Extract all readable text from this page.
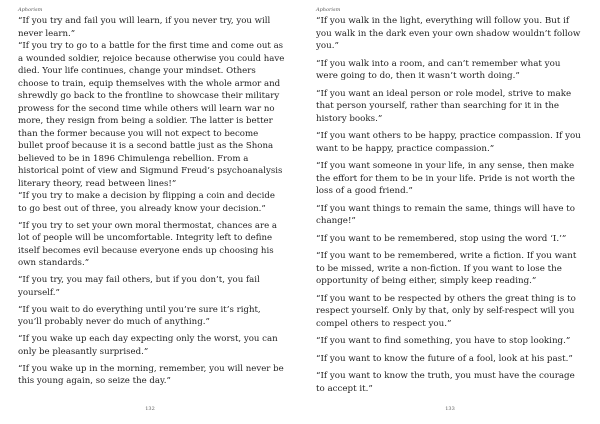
Aphorism

“If you try and fail you will learn, if you never try, you will never learn.”

“If you try to go to a battle for the first time and come out as a wounded soldier, rejoice because otherwise you could have died. Your life continues, change your mindset. Others choose to train, equip themselves with the whole armor and shrewdly go back to the frontline to showcase their military prowess for the second time while others will learn war no more, they resign from being a soldier. The latter is better than the former because you will not expect to become bullet proof because it is a second battle just as the Shona believed to be in 1896 Chimulenga rebellion. From a historical point of view and Sigmund Freud’s psychoanalysis literary theory, read between lines!”

“If you try to make a decision by flipping a coin and decide to go best out of three, you already know your decision.”

“If you try to set your own moral thermostat, chances are a lot of people will be uncomfortable. Integrity left to define itself becomes evil because everyone ends up choosing his own standards.”

“If you try, you may fail others, but if you don’t, you fail yourself.”

“If you wait to do everything until you’re sure it’s right, you’ll probably never do much of anything.”

“If you wake up each day expecting only the worst, you can only be pleasantly surprised.”

“If you wake up in the morning, remember, you will never be this young again, so seize the day.”

132
Aphorism

“If you walk in the light, everything will follow you. But if you walk in the dark even your own shadow wouldn’t follow you.”

“If you walk into a room, and can’t remember what you were going to do, then it wasn’t worth doing.”

“If you want an ideal person or role model, strive to make that person yourself, rather than searching for it in the history books.”

“If you want others to be happy, practice compassion. If you want to be happy, practice compassion.”

“If you want someone in your life, in any sense, then make the effort for them to be in your life. Pride is not worth the loss of a good friend.”

“If you want things to remain the same, things will have to change!”

“If you want to be remembered, stop using the word ‘I.’”

“If you want to be remembered, write a fiction. If you want to be missed, write a non-fiction. If you want to lose the opportunity of being either, simply keep reading.”

“If you want to be respected by others the great thing is to respect yourself. Only by that, only by self-respect will you compel others to respect you.”

“If you want to find something, you have to stop looking.”

“If you want to know the future of a fool, look at his past.”

“If you want to know the truth, you must have the courage to accept it.”

133
